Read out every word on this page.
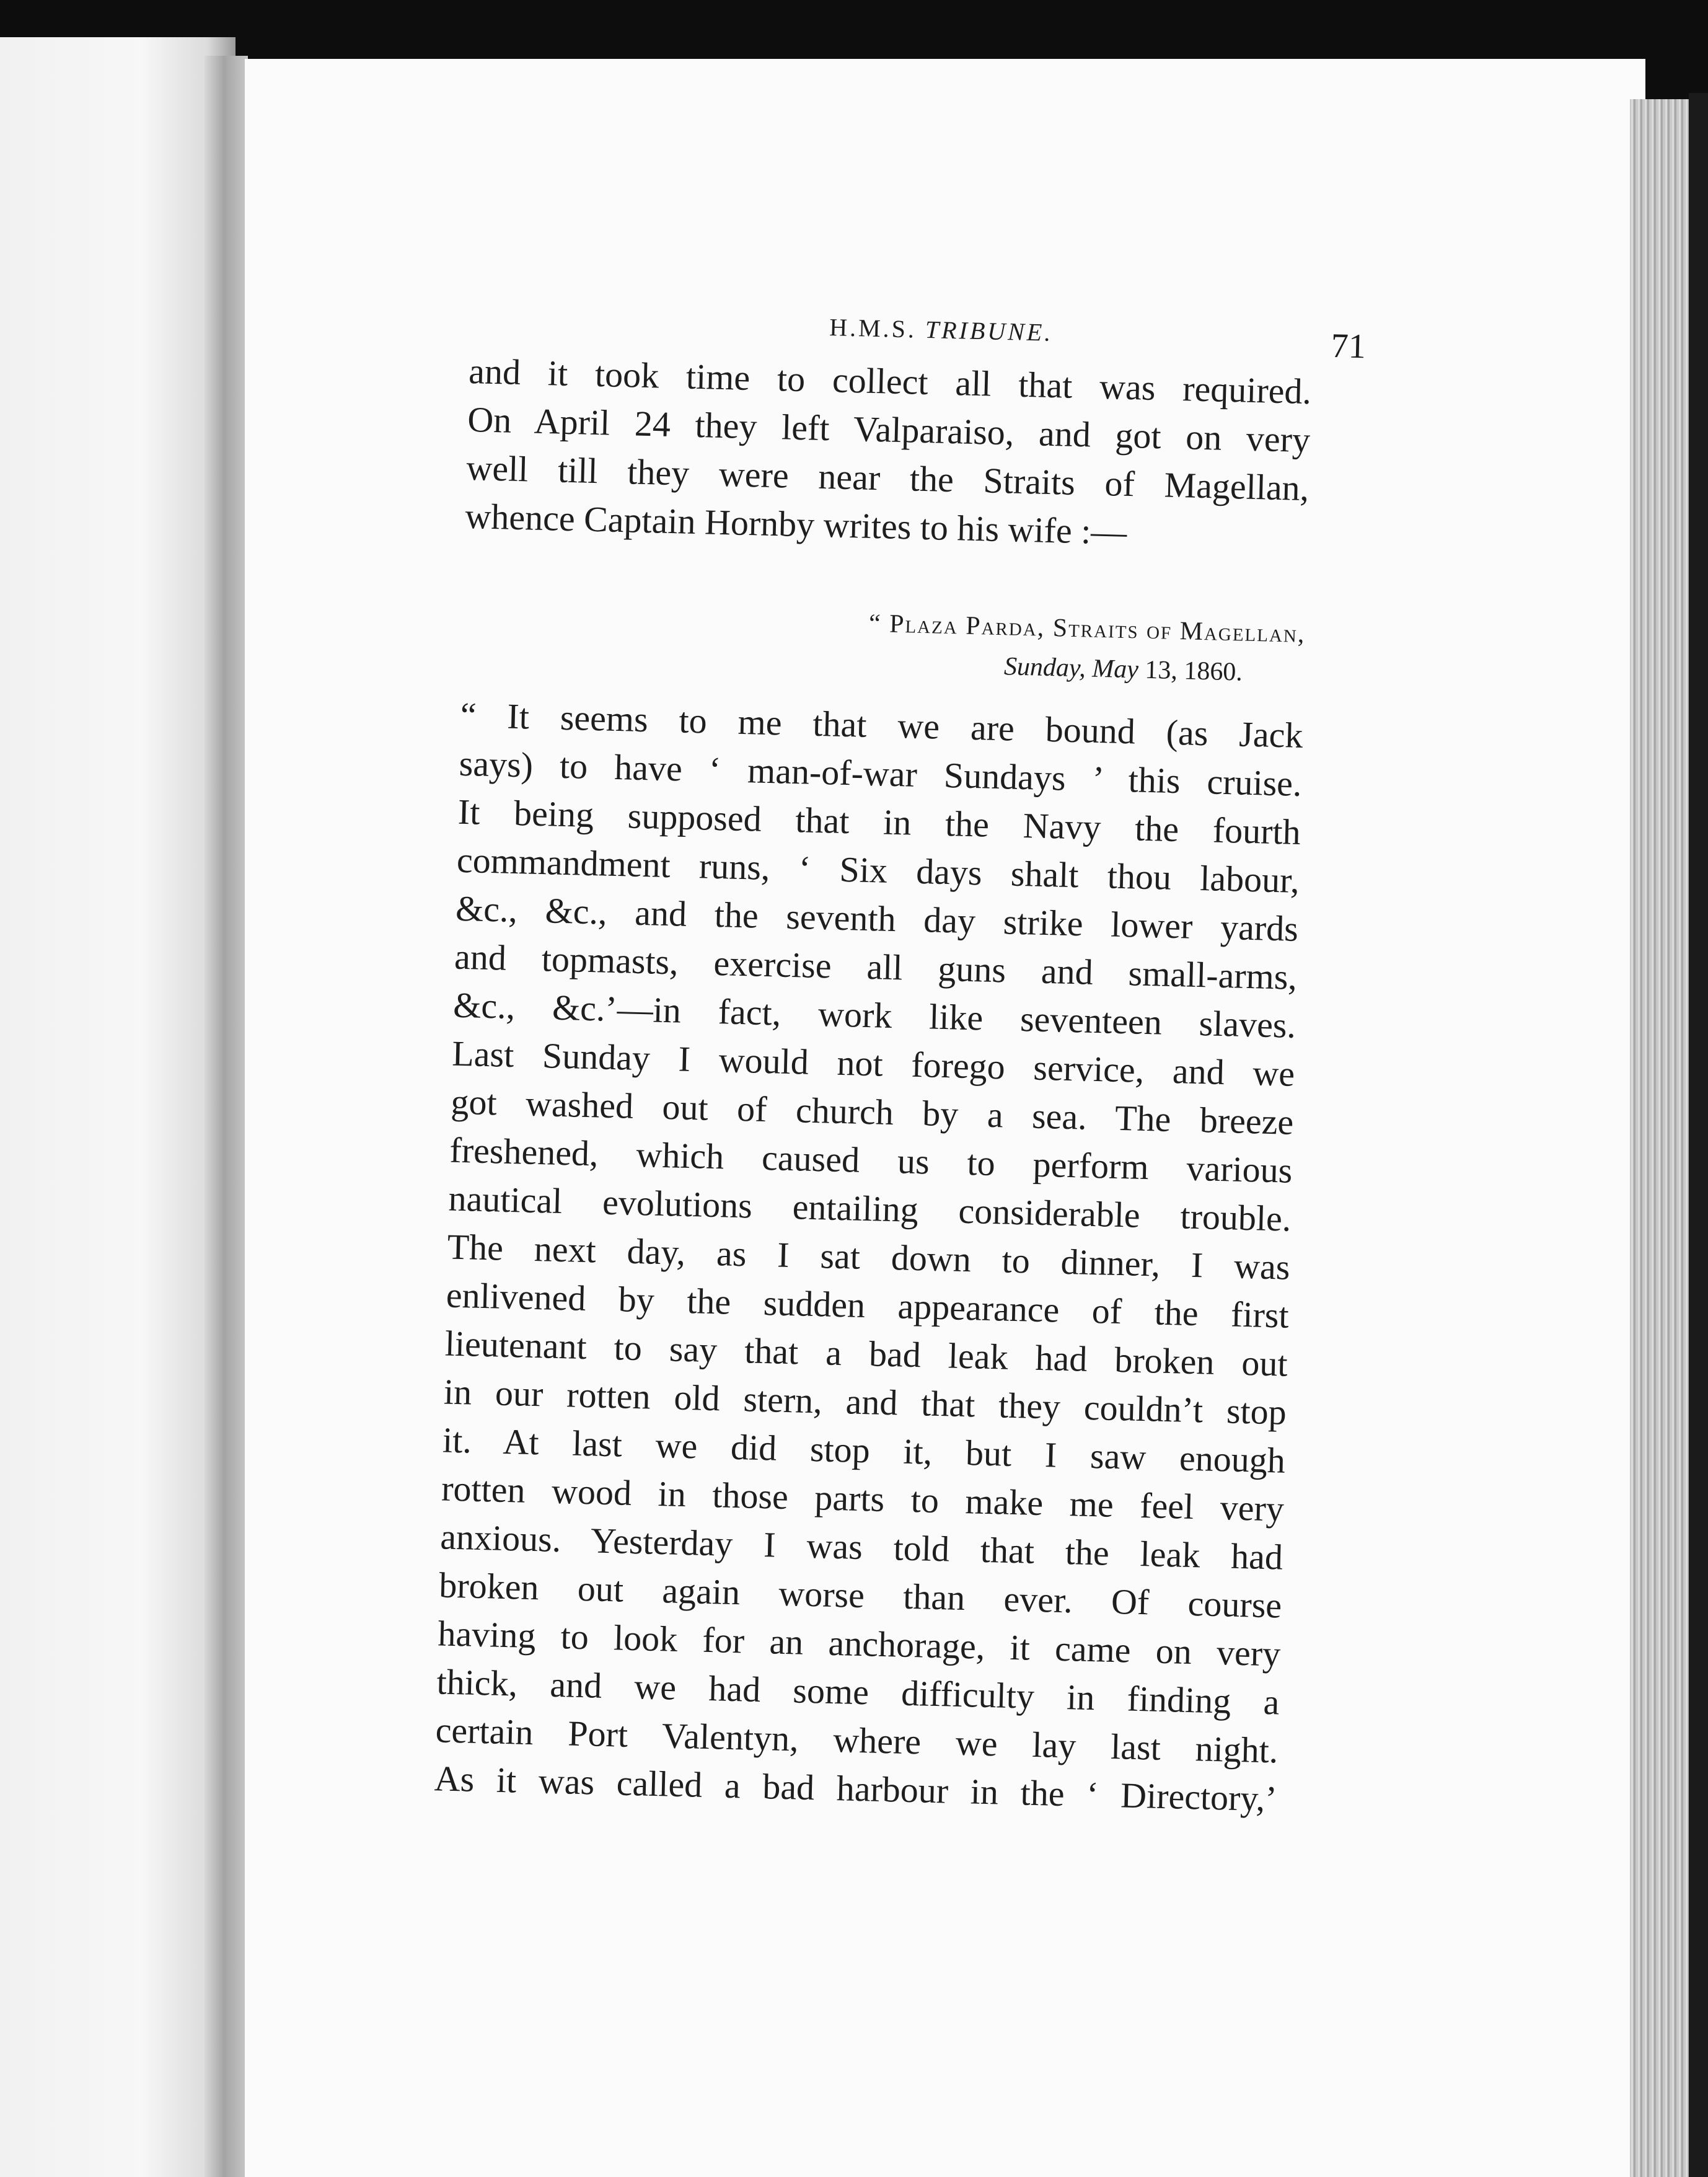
H.M.S. TRIBUNE.	71
and it took time to collect all that was required.
On April 24 they left Valparaiso, and got on very
well till they were near the Straits of Magellan,
whence Captain Hornby writes to his wife :—
“ Plaza Parda, Straits of Magellan,
Sunday, May 13, 1860.
“ It seems to me that we are bound (as Jack
says) to have ‘ man-of-war Sundays ’ this cruise.
It being supposed that in the Navy the fourth
commandment runs, ‘ Six days shalt thou labour,
&c., &c., and the seventh day strike lower yards
and topmasts, exercise all guns and small-arms,
&c., &c.’—in fact, work like seventeen slaves.
Last Sunday I would not forego service, and we
got washed out of church by a sea. The breeze
freshened, which caused us to perform various
nautical evolutions entailing considerable trouble.
The next day, as I sat down to dinner, I was
enlivened by the sudden appearance of the first
lieutenant to say that a bad leak had broken out
in our rotten old stern, and that they couldn’t stop
it. At last we did stop it, but I saw enough
rotten wood in those parts to make me feel very
anxious. Yesterday I was told that the leak had
broken out again worse than ever. Of course
having to look for an anchorage, it came on very
thick, and we had some difficulty in finding a
certain Port Valentyn, where we lay last night.
As it was called a bad harbour in the ‘ Directory,’
